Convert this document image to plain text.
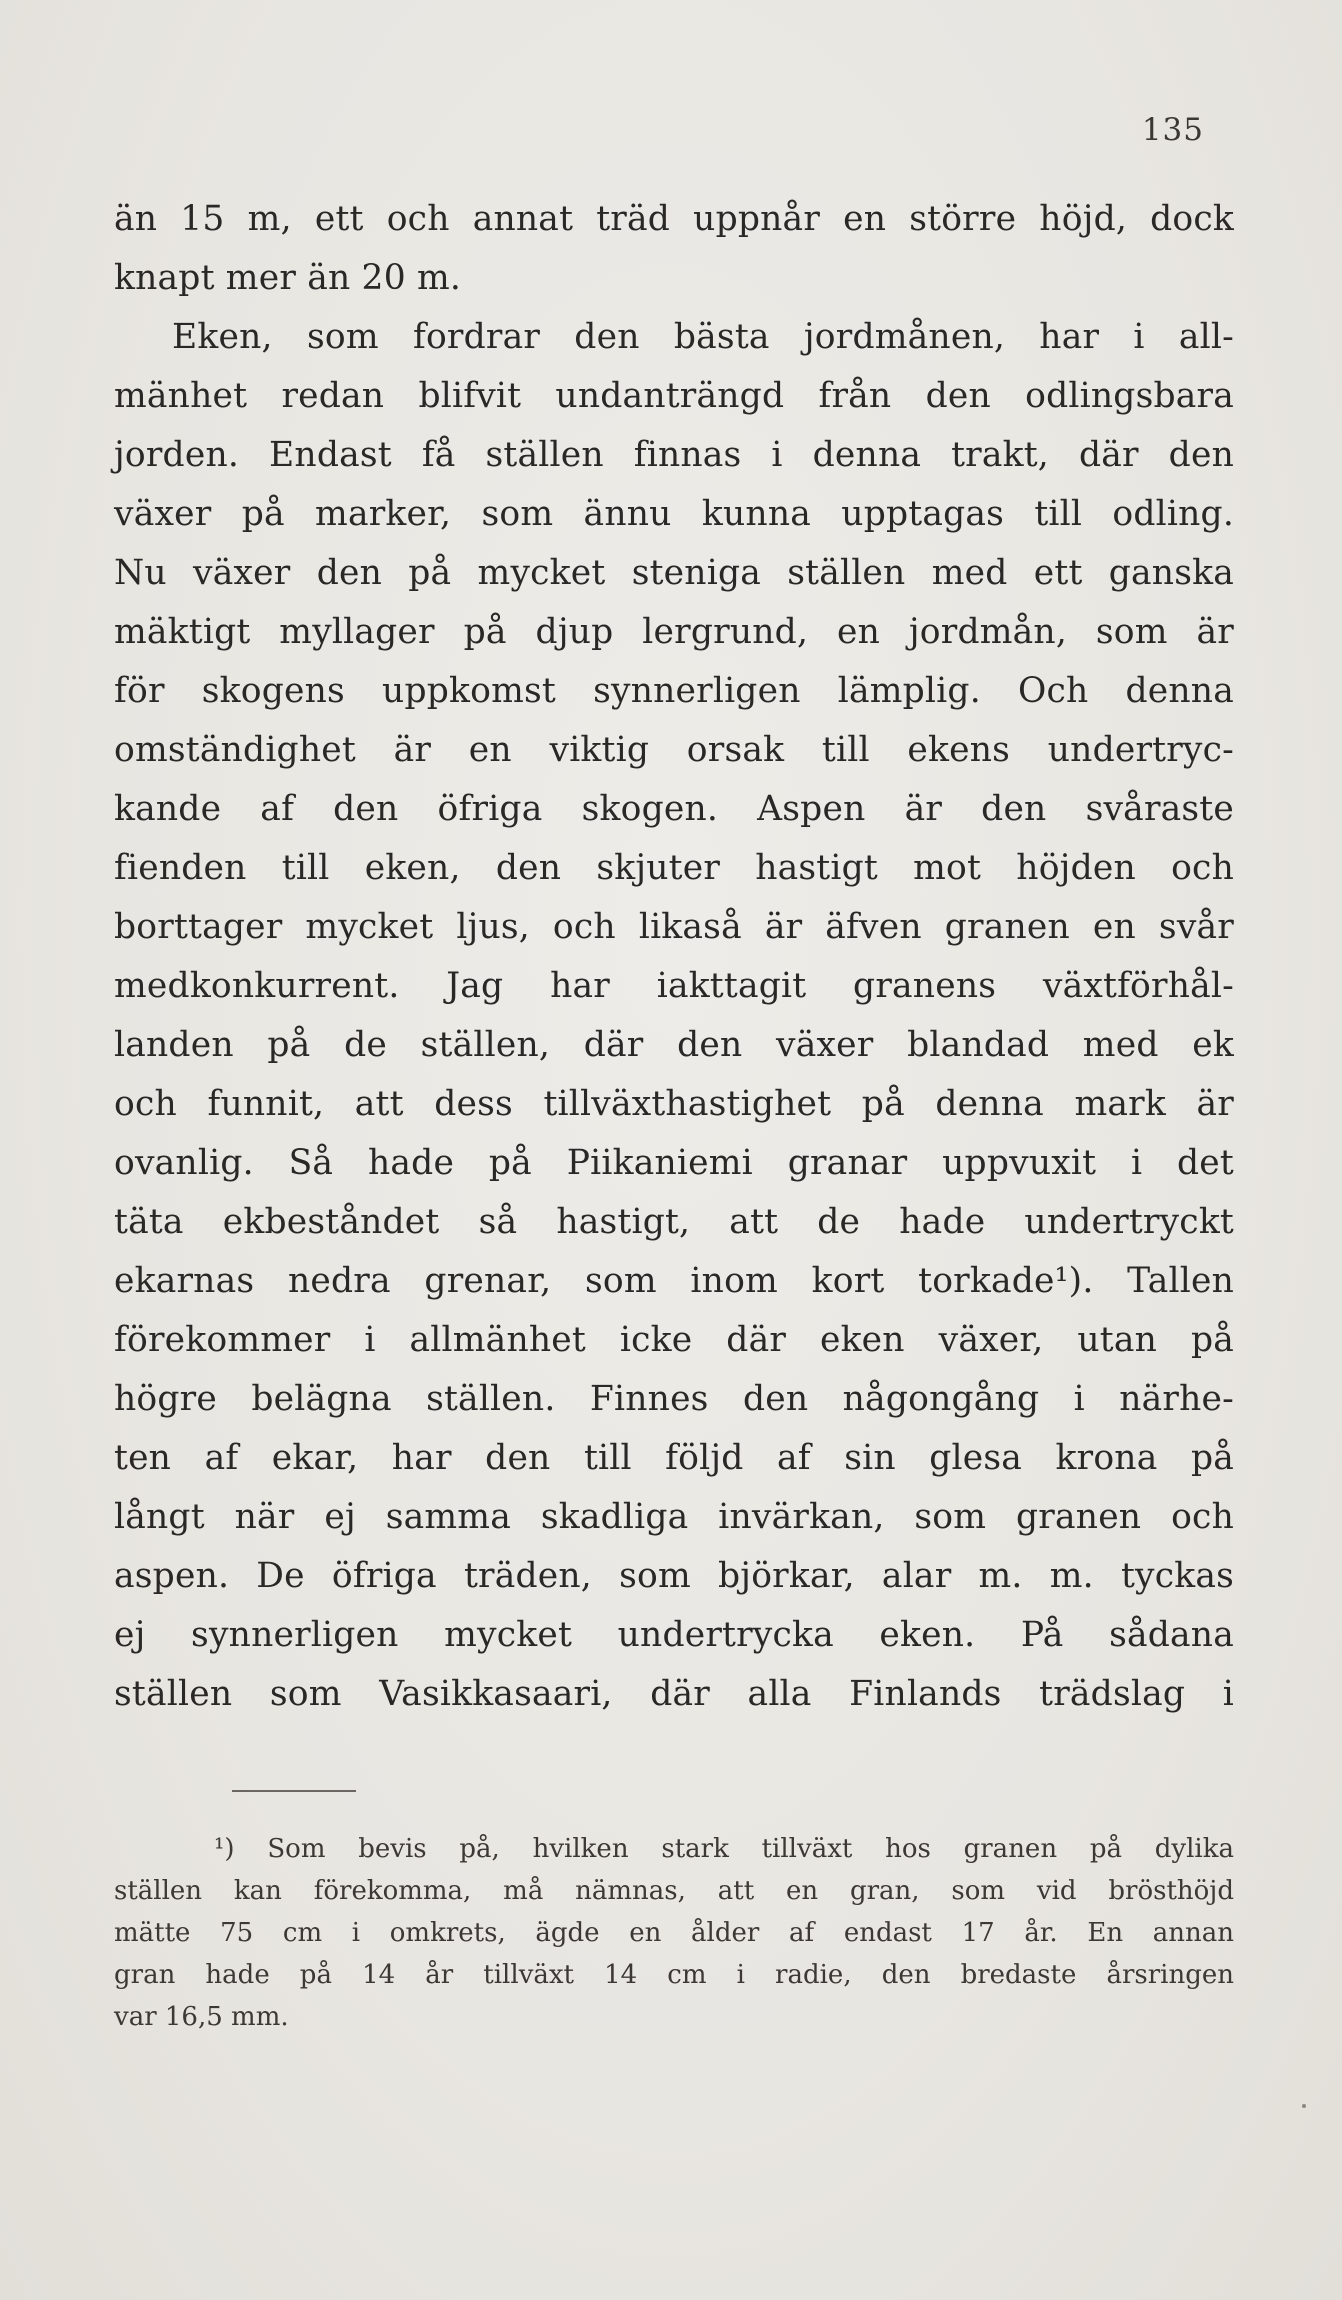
135
än 15 m, ett och annat träd uppnår en större höjd, dock
knapt mer än 20 m.
Eken, som fordrar den bästa jordmånen, har i all-
mänhet redan blifvit undanträngd från den odlingsbara
jorden. Endast få ställen finnas i denna trakt, där den
växer på marker, som ännu kunna upptagas till odling.
Nu växer den på mycket steniga ställen med ett ganska
mäktigt myllager på djup lergrund, en jordmån, som är
för skogens uppkomst synnerligen lämplig. Och denna
omständighet är en viktig orsak till ekens undertryc-
kande af den öfriga skogen. Aspen är den svåraste
fienden till eken, den skjuter hastigt mot höjden och
borttager mycket ljus, och likaså är äfven granen en svår
medkonkurrent. Jag har iakttagit granens växtförhål-
landen på de ställen, där den växer blandad med ek
och funnit, att dess tillväxthastighet på denna mark är
ovanlig. Så hade på Piikaniemi granar uppvuxit i det
täta ekbeståndet så hastigt, att de hade undertryckt
ekarnas nedra grenar, som inom kort torkade¹). Tallen
förekommer i allmänhet icke där eken växer, utan på
högre belägna ställen. Finnes den någongång i närhe-
ten af ekar, har den till följd af sin glesa krona på
långt när ej samma skadliga invärkan, som granen och
aspen. De öfriga träden, som björkar, alar m. m. tyckas
ej synnerligen mycket undertrycka eken. På sådana
ställen som Vasikkasaari, där alla Finlands trädslag i
¹) Som bevis på, hvilken stark tillväxt hos granen på dylika
ställen kan förekomma, må nämnas, att en gran, som vid brösthöjd
mätte 75 cm i omkrets, ägde en ålder af endast 17 år. En annan
gran hade på 14 år tillväxt 14 cm i radie, den bredaste årsringen
var 16,5 mm.
